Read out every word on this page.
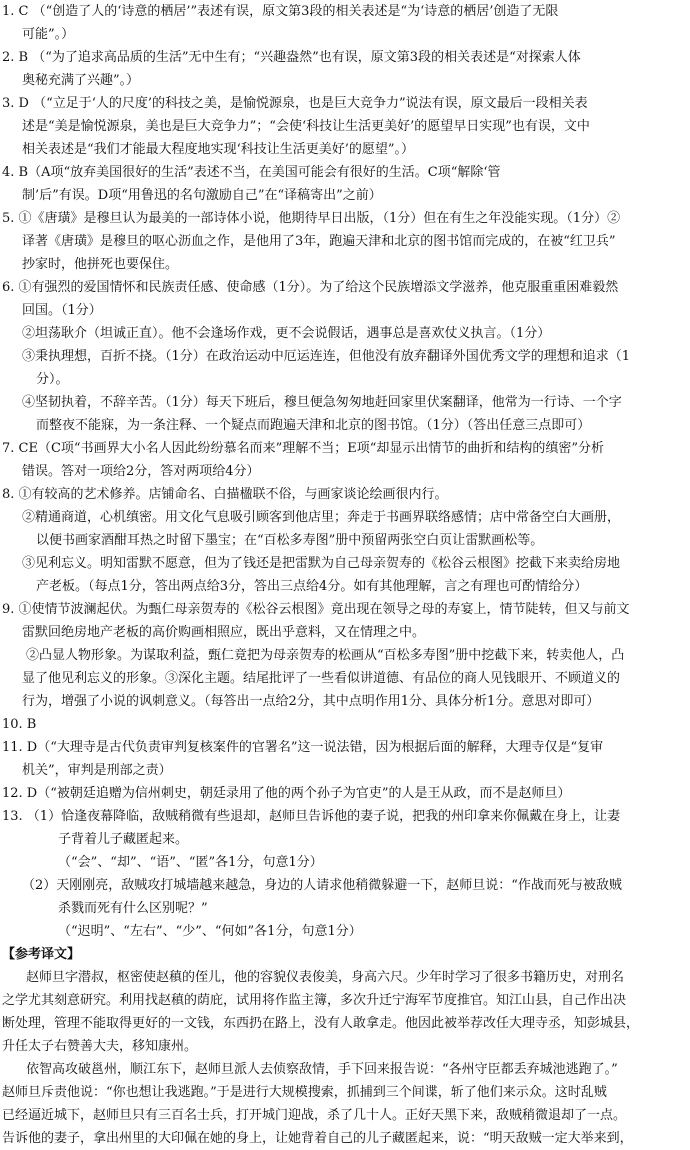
1. C （“创造了人的‘诗意的栖居’”表述有误，原文第3段的相关表述是“为‘诗意的栖居’创造了无限
可能”。）
2. B （“为了追求高品质的生活”无中生有；“兴趣盎然”也有误，原文第3段的相关表述是“对探索人体
奥秘充满了兴趣”。）
3. D （“立足于‘人的尺度’的科技之美，是愉悦源泉，也是巨大竞争力”说法有误，原文最后一段相关表
述是“美是愉悦源泉，美也是巨大竞争力”；“会使‘科技让生活更美好’的愿望早日实现”也有误，文中
相关表述是“我们才能最大程度地实现‘科技让生活更美好’的愿望”。）
4. B（A项“放弃美国很好的生活”表述不当，在美国可能会有很好的生活。C项“解除‘管
制’后”有误。D项“用鲁迅的名句激励自己”在“译稿寄出”之前）
5. ①《唐璜》是穆旦认为最美的一部诗体小说，他期待早日出版，（1分）但在有生之年没能实现。（1分）②
译著《唐璜》是穆旦的呕心沥血之作，是他用了3年，跑遍天津和北京的图书馆而完成的，在被“红卫兵”
抄家时，他拼死也要保住。
6. ①有强烈的爱国情怀和民族责任感、使命感（1分）。为了给这个民族增添文学滋养，他克服重重困难毅然
回国。（1分）
②坦荡耿介（坦诚正直）。他不会逢场作戏，更不会说假话，遇事总是喜欢仗义执言。（1分）
③秉执理想，百折不挠。（1分）在政治运动中厄运连连，但他没有放弃翻译外国优秀文学的理想和追求（1
分）。
④坚韧执着，不辞辛苦。（1分）每天下班后，穆旦便急匆匆地赶回家里伏案翻译，他常为一行诗、一个字
而整夜不能寐，为一条注释、一个疑点而跑遍天津和北京的图书馆。（1分）（答出任意三点即可）
7. CE（C项“书画界大小名人因此纷纷慕名而来”理解不当；E项“却显示出情节的曲折和结构的缜密”分析
错误。答对一项给2分，答对两项给4分）
8. ①有较高的艺术修养。店铺命名、白描楹联不俗，与画家谈论绘画很内行。
②精通商道，心机缜密。用文化气息吸引顾客到他店里；奔走于书画界联络感情；店中常备空白大画册，
以便书画家酒酣耳热之时留下墨宝；在“百松多寿图”册中预留两张空白页让雷默画松等。
③见利忘义。明知雷默不愿意，但为了钱还是把雷默为自己母亲贺寿的《松谷云根图》挖截下来卖给房地
产老板。（每点1分，答出两点给3分，答出三点给4分。如有其他理解，言之有理也可酌情给分）
9. ①使情节波澜起伏。为甄仁母亲贺寿的《松谷云根图》竟出现在领导之母的寿宴上，情节陡转，但又与前文
雷默回绝房地产老板的高价购画相照应，既出乎意料，又在情理之中。
②凸显人物形象。为谋取利益，甄仁竟把为母亲贺寿的松画从“百松多寿图”册中挖截下来，转卖他人，凸
显了他见利忘义的形象。③深化主题。结尾批评了一些看似讲道德、有品位的商人见钱眼开、不顾道义的
行为，增强了小说的讽刺意义。（每答出一点给2分，其中点明作用1分、具体分析1分。意思对即可）
10. B
11. D（“大理寺是古代负责审判复核案件的官署名”这一说法错，因为根据后面的解释，大理寺仅是“复审
机关”，审判是刑部之责）
12. D（“被朝廷追赠为信州刺史，朝廷录用了他的两个孙子为官吏”的人是王从政，而不是赵师旦）
13. （1）恰逢夜幕降临，敌贼稍微有些退却，赵师旦告诉他的妻子说，把我的州印拿来你佩戴在身上，让妻
子背着儿子藏匿起来。
（“会”、“却”、“语”、“匿”各1分，句意1分）
（2）天刚刚亮，敌贼攻打城墙越来越急，身边的人请求他稍微躲避一下，赵师旦说：“作战而死与被敌贼
杀戮而死有什么区别呢？”
（“迟明”、“左右”、“少”、“何如”各1分，句意1分）
【参考译文】
赵师旦字潜叔，枢密使赵稹的侄儿，他的容貌仪表俊美，身高六尺。少年时学习了很多书籍历史，对刑名
之学尤其刻意研究。利用找赵稹的荫庇，试用将作监主簿，多次升迁宁海军节度推官。知江山县，自己作出决
断处理，管理不能取得更好的一文钱，东西扔在路上，没有人敢拿走。他因此被举荐改任大理寺丞，知彭城县，
升任太子右赞善大夫，移知康州。
依智高攻破邕州，顺江东下，赵师旦派人去侦察敌情，手下回来报告说：“各州守臣都丢弃城池逃跑了。”
赵师旦斥责他说：“你也想让我逃跑。”于是进行大规模搜索，抓捕到三个间谍，斩了他们来示众。这时乱贼
已经逼近城下，赵师旦只有三百名士兵，打开城门迎战，杀了几十人。正好天黑下来，敌贼稍微退却了一点。
告诉他的妻子，拿出州里的大印佩在她的身上，让她背着自己的儿子藏匿起来，说：“明天敌贼一定大举来到，
